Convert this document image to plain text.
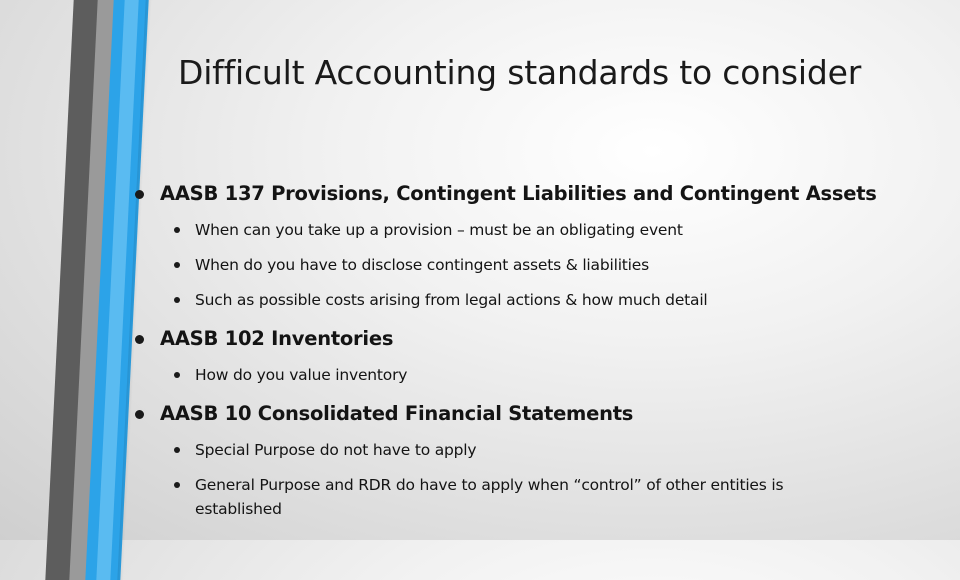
Difficult Accounting standards to consider
AASB 137 Provisions, Contingent Liabilities and Contingent Assets
When can you take up a provision – must be an obligating event
When do you have to disclose contingent assets & liabilities
Such as possible costs arising from legal actions & how much detail
AASB 102 Inventories
How do you value inventory
AASB 10 Consolidated Financial Statements
Special Purpose do not have to apply
General Purpose and RDR do have to apply when “control” of other entities is
established
